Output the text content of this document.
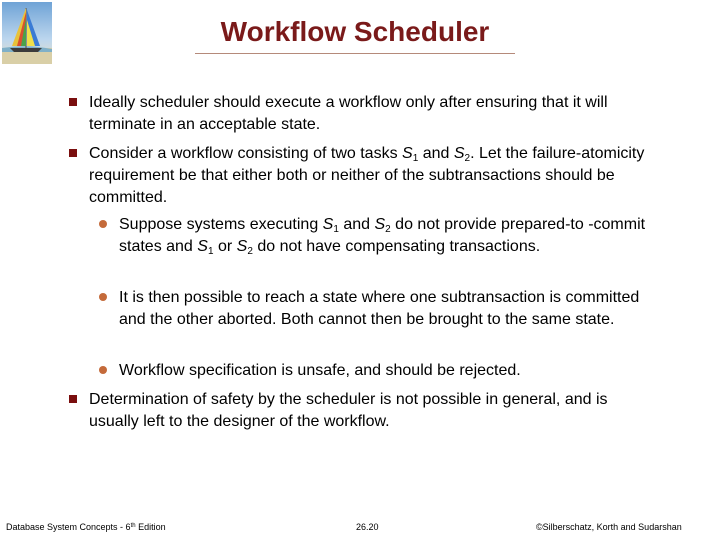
Workflow Scheduler
Ideally scheduler should execute a workflow only after ensuring that it will terminate in an acceptable state.
Consider a workflow consisting of two tasks $S_1$ and $S_2$. Let the failure-atomicity requirement be that either both or neither of the subtransactions should be committed.
Suppose systems executing $S_1$ and $S_2$ do not provide prepared-to -commit states and $S_1$ or $S_2$ do not have compensating transactions.
It is then possible to reach a state where one subtransaction is committed and the other aborted. Both cannot then be brought to the same state.
Workflow specification is unsafe, and should be rejected.
Determination of safety by the scheduler is not possible in general, and is usually left to the designer of the workflow.
Database System Concepts - 6th Edition	26.20	©Silberschatz, Korth and Sudarshan
